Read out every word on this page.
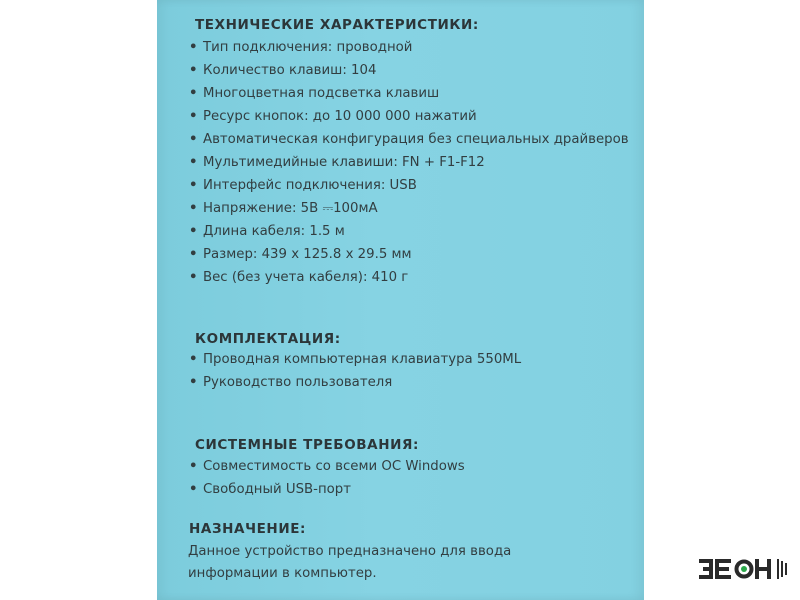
ТЕХНИЧЕСКИЕ ХАРАКТЕРИСТИКИ:
• Тип подключения: проводной
• Количество клавиш: 104
• Многоцветная подсветка клавиш
• Ресурс кнопок: до 10 000 000 нажатий
• Автоматическая конфигурация без специальных драйверов
• Мультимедийные клавиши: FN + F1-F12
• Интерфейс подключения: USB
• Напряжение: 5В ⎓100мА
• Длина кабеля: 1.5 м
• Размер: 439 x 125.8 x 29.5 мм
• Вес (без учета кабеля): 410 г
КОМПЛЕКТАЦИЯ:
• Проводная компьютерная клавиатура 550ML
• Руководство пользователя
СИСТЕМНЫЕ ТРЕБОВАНИЯ:
• Совместимость со всеми ОС Windows
• Свободный USB-порт
НАЗНАЧЕНИЕ:
Данное устройство предназначено для ввода
информации в компьютер.
